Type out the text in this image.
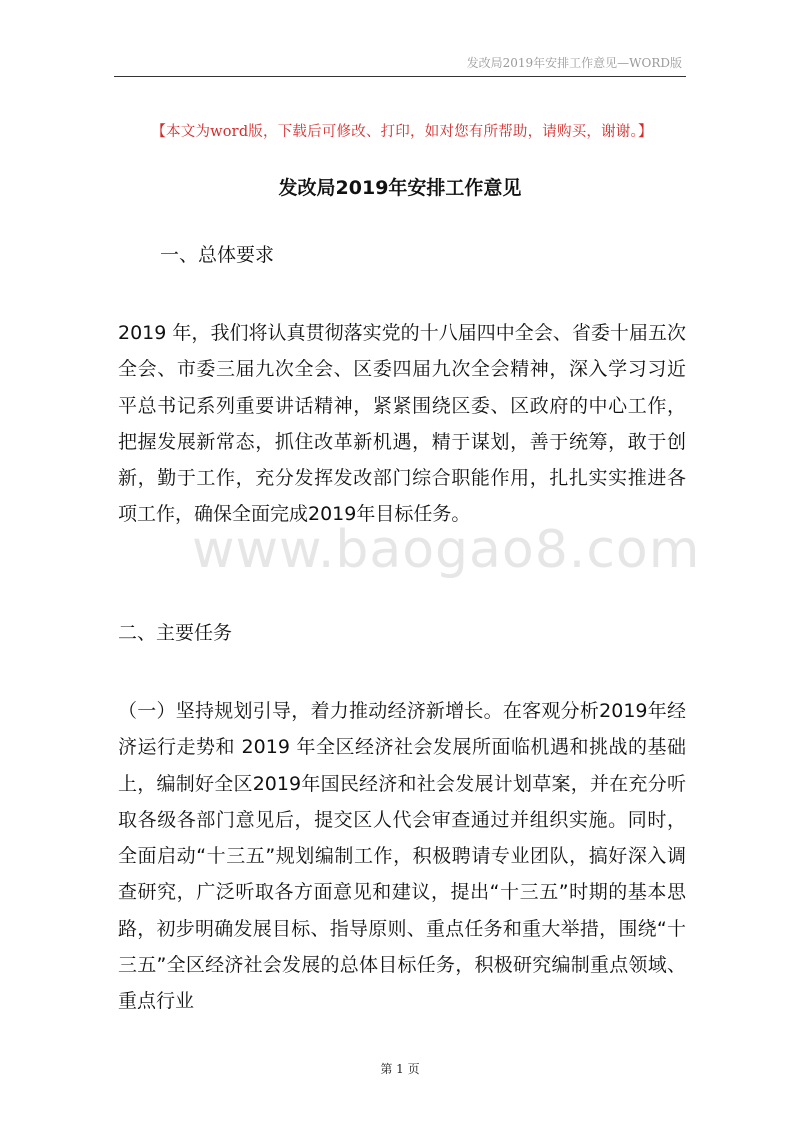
发改局2019年安排工作意见—WORD版
【本文为word版，下载后可修改、打印，如对您有所帮助，请购买，谢谢。】
发改局2019年安排工作意见
一、总体要求
2019 年，我们将认真贯彻落实党的十八届四中全会、省委十届五次全会、市委三届九次全会、区委四届九次全会精神，深入学习习近平总书记系列重要讲话精神，紧紧围绕区委、区政府的中心工作，把握发展新常态，抓住改革新机遇，精于谋划，善于统筹，敢于创新，勤于工作，充分发挥发改部门综合职能作用，扎扎实实推进各项工作，确保全面完成2019年目标任务。
www.baogao8.com
二、主要任务
（一）坚持规划引导，着力推动经济新增长。在客观分析2019年经济运行走势和 2019 年全区经济社会发展所面临机遇和挑战的基础上，编制好全区2019年国民经济和社会发展计划草案，并在充分听取各级各部门意见后，提交区人代会审查通过并组织实施。同时，全面启动“十三五”规划编制工作，积极聘请专业团队，搞好深入调查研究，广泛听取各方面意见和建议，提出“十三五”时期的基本思路，初步明确发展目标、指导原则、重点任务和重大举措，围绕“十三五”全区经济社会发展的总体目标任务，积极研究编制重点领域、重点行业
第 1 页
